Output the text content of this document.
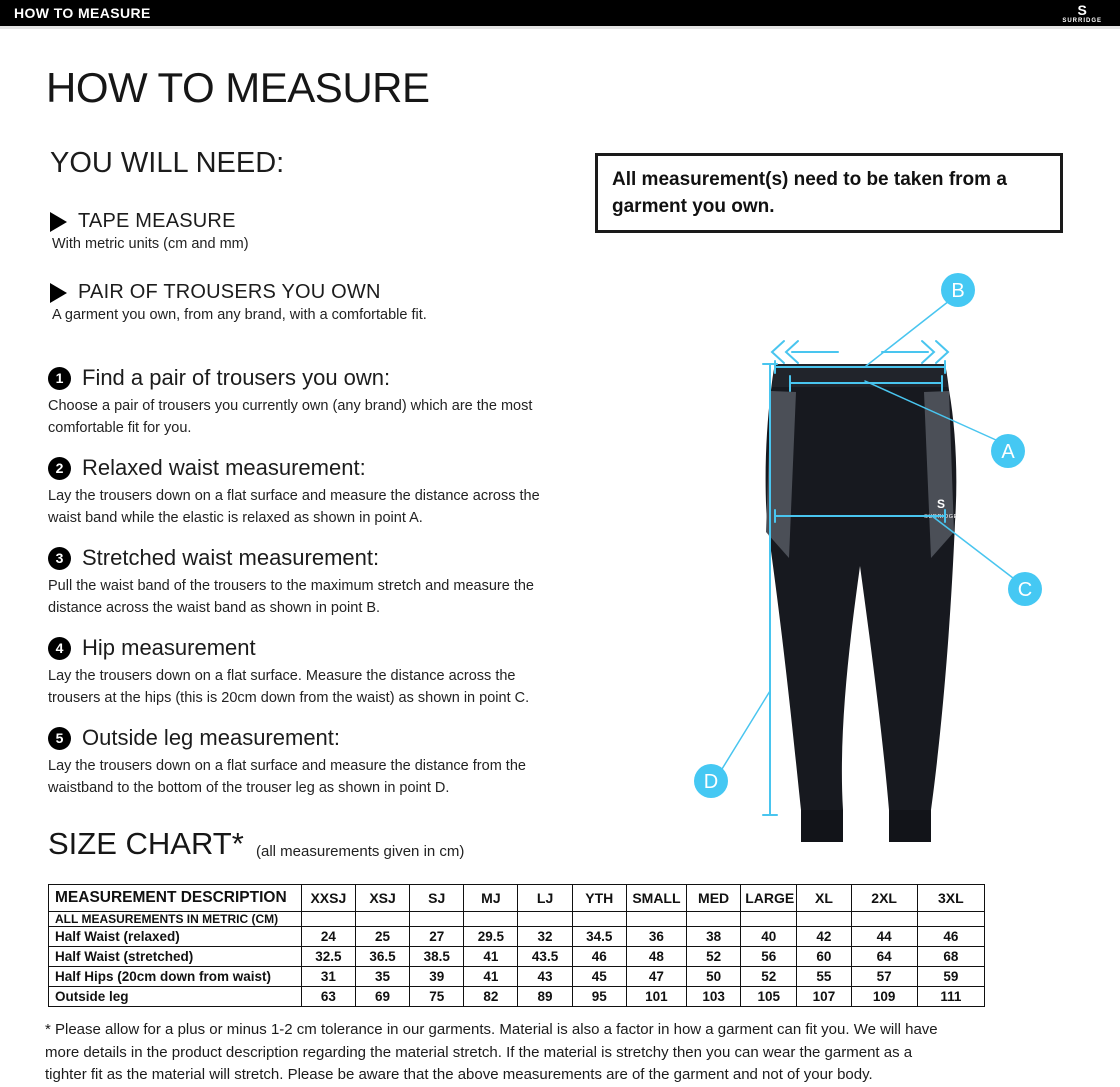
HOW TO MEASURE	S
SURRIDGE
HOW TO MEASURE
YOU WILL NEED:
TAPE MEASURE
With metric units (cm and mm)
PAIR OF TROUSERS YOU OWN
A garment you own, from any brand, with a comfortable fit.
1 Find a pair of trousers you own:
Choose a pair of trousers you currently own (any brand) which are the most comfortable fit for you.
2 Relaxed waist measurement:
Lay the trousers down on a flat surface and measure the distance across the waist band while the elastic is relaxed as shown in point A.
3 Stretched waist measurement:
Pull the waist band of the trousers to the maximum stretch and measure the distance across the waist band as shown in point B.
4 Hip measurement
Lay the trousers down on a flat surface. Measure the distance across the trousers at the hips (this is 20cm down from the waist) as shown in point C.
5 Outside leg measurement:
Lay the trousers down on a flat surface and measure the distance from the waistband to the bottom of the trouser leg as shown in point D.
All measurement(s) need to be taken from a garment you own.
S
SURRIDGE
B
A
C
D
SIZE CHART* (all measurements given in cm)
MEASUREMENT DESCRIPTION	XXSJ	XSJ	SJ	MJ	LJ	YTH	SMALL	MED	LARGE	XL	2XL	3XL
ALL MEASUREMENTS IN METRIC (CM)												
Half Waist (relaxed)	24	25	27	29.5	32	34.5	36	38	40	42	44	46
Half Waist (stretched)	32.5	36.5	38.5	41	43.5	46	48	52	56	60	64	68
Half Hips (20cm down from waist)	31	35	39	41	43	45	47	50	52	55	57	59
Outside leg	63	69	75	82	89	95	101	103	105	107	109	111
* Please allow for a plus or minus 1-2 cm tolerance in our garments. Material is also a factor in how a garment can fit you. We will have
more details in the product description regarding the material stretch. If the material is stretchy then you can wear the garment as a
tighter fit as the material will stretch. Please be aware that the above measurements are of the garment and not of your body.
